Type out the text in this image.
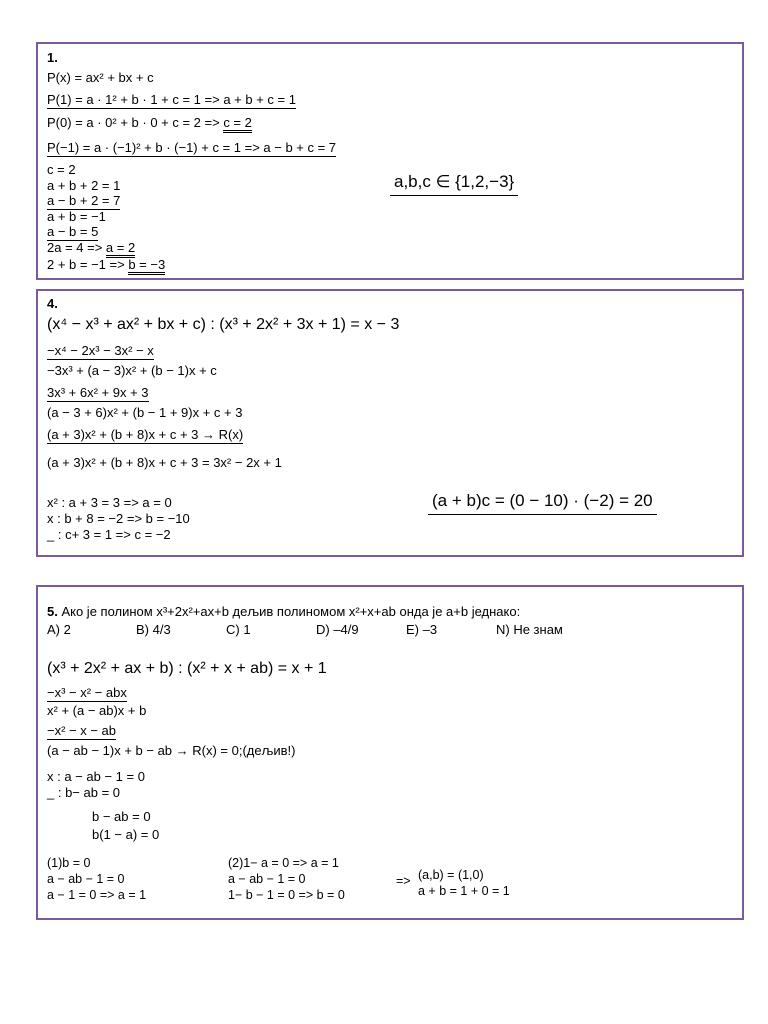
1.
P(x) = ax² + bx + c
P(1) = a · 1² + b · 1 + c = 1 => a + b + c = 1
P(0) = a · 0² + b · 0 + c = 2 => c = 2
P(−1) = a · (−1)² + b · (−1) + c = 1 => a − b + c = 7
c = 2
a + b + 2 = 1
a − b + 2 = 7
a + b = −1
a − b = 5
2a = 4 => a = 2
2 + b = −1 => b = −3
a,b,c ∈ {1,2,−3}
4.
(x⁴ − x³ + ax² + bx + c) : (x³ + 2x² + 3x + 1) = x − 3
−x⁴ − 2x³ − 3x² − x
−3x³ + (a − 3)x² + (b − 1)x + c
3x³ + 6x² + 9x + 3
(a − 3 + 6)x² + (b − 1 + 9)x + c + 3
(a + 3)x² + (b + 8)x + c + 3 → R(x)
(a + 3)x² + (b + 8)x + c + 3 = 3x² − 2x + 1
x² : a + 3 = 3 => a = 0
x : b + 8 = −2 => b = −10
_ : c+ 3 = 1 => c = −2
(a + b)c = (0 − 10) · (−2) = 20
5. Ако је полином x³+2x²+ax+b дељив полиномом x²+x+ab онда је a+b једнако:
A) 2	B) 4/3	C) 1	D) –4/9	E) –3	N) Не знам
(x³ + 2x² + ax + b) : (x² + x + ab) = x + 1
−x³ − x² − abx
x² + (a − ab)x + b
−x² − x − ab
(a − ab − 1)x + b − ab → R(x) = 0;(дељив!)
x : a − ab − 1 = 0
_ : b− ab = 0
b − ab = 0
b(1 − a) = 0
(1)b = 0
a − ab − 1 = 0
a − 1 = 0 => a = 1
(2)1− a = 0 => a = 1
a − ab − 1 = 0
1− b − 1 = 0 => b = 0
=> (a,b) = (1,0)
a + b = 1 + 0 = 1
